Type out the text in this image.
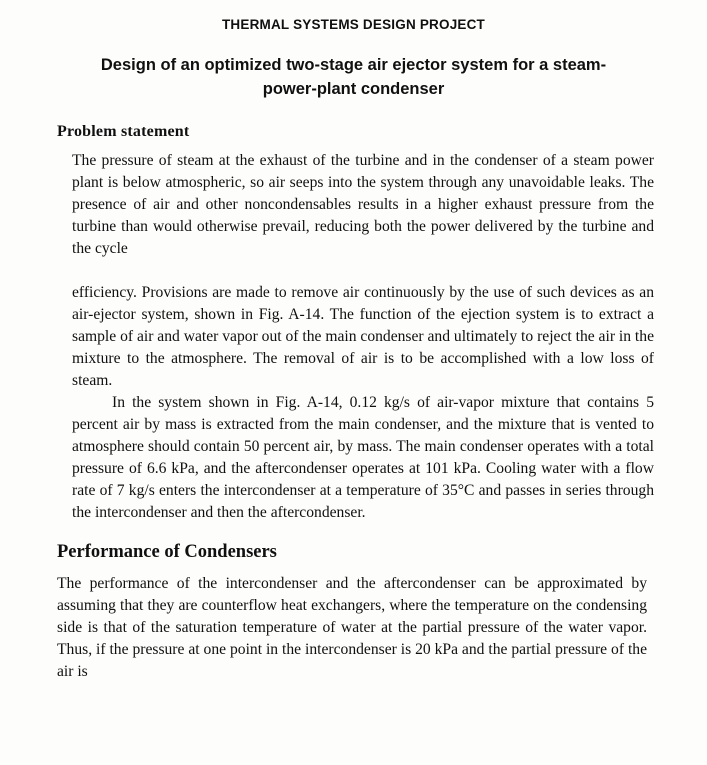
THERMAL SYSTEMS DESIGN PROJECT
Design of an optimized two-stage air ejector system for a steam-
power-plant condenser
Problem statement

The pressure of steam at the exhaust of the turbine and in the condenser of a steam power plant is below atmospheric, so air seeps into the system through any unavoidable leaks. The presence of air and other noncondensables results in a higher exhaust pressure from the turbine than would otherwise prevail, reducing both the power delivered by the turbine and the cycle

efficiency. Provisions are made to remove air continuously by the use of such devices as an air-ejector system, shown in Fig. A-14. The function of the ejection system is to extract a sample of air and water vapor out of the main condenser and ultimately to reject the air in the mixture to the atmosphere. The removal of air is to be accomplished with a low loss of steam.

In the system shown in Fig. A-14, 0.12 kg/s of air-vapor mixture that contains 5 percent air by mass is extracted from the main condenser, and the mixture that is vented to atmosphere should contain 50 percent air, by mass. The main condenser operates with a total pressure of 6.6 kPa, and the aftercondenser operates at 101 kPa. Cooling water with a flow rate of 7 kg/s enters the intercondenser at a temperature of 35°C and passes in series through the intercondenser and then the aftercondenser.

Performance of Condensers

The performance of the intercondenser and the aftercondenser can be approximated by assuming that they are counterflow heat exchangers, where the temperature on the condensing side is that of the saturation temperature of water at the partial pressure of the water vapor. Thus, if the pressure at one point in the intercondenser is 20 kPa and the partial pressure of the air is
